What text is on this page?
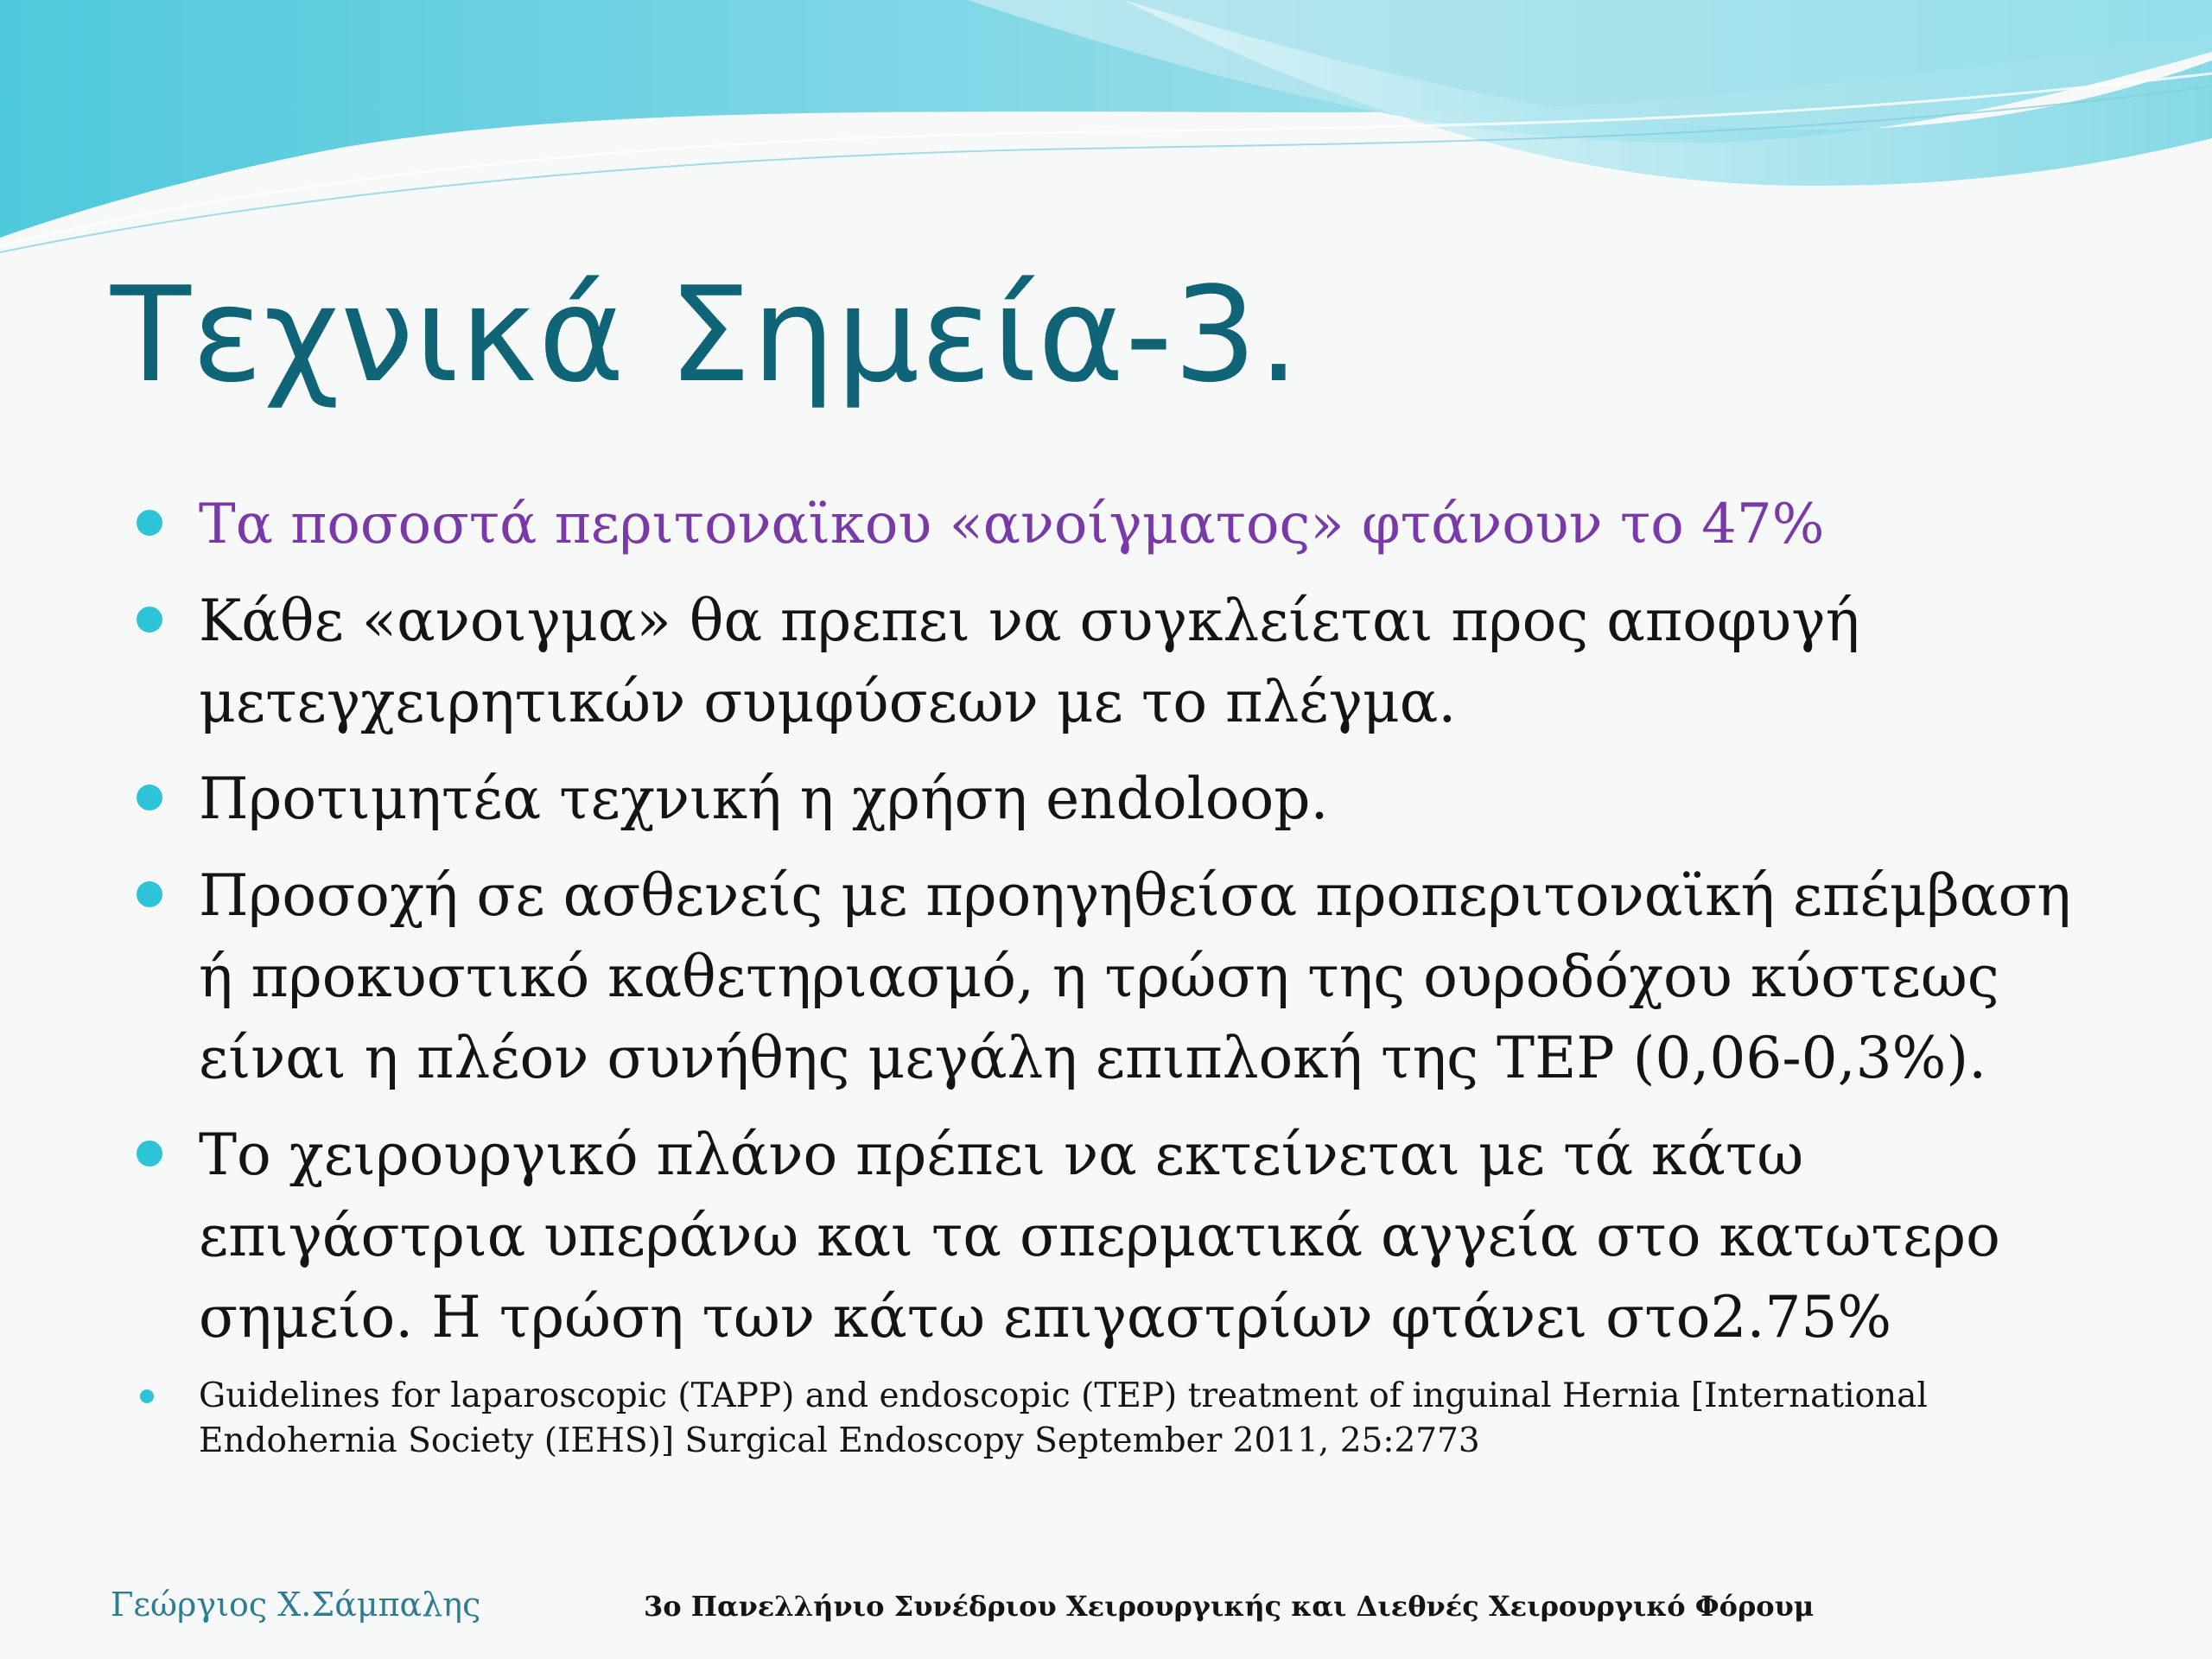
Τεχνικά Σημεία-3.
Τα ποσοστά περιτοναϊκου «ανοίγματος» φτάνουν το 47%
Κάθε «ανοιγμα» θα πρεπει να συγκλείεται προς αποφυγή μετεγχειρητικών συμφύσεων με το πλέγμα.
Προτιμητέα τεχνική η χρήση endoloop.
Προσοχή σε ασθενείς με προηγηθείσα προπεριτοναϊκή επέμβαση ή προκυστικό καθετηριασμό, η τρώση της ουροδόχου κύστεως είναι η πλέον συνήθης μεγάλη επιπλοκή της TEP (0,06-0,3%).
Το χειρουργικό πλάνο πρέπει να εκτείνεται με τά κάτω επιγάστρια υπεράνω και τα σπερματικά αγγεία στο κατωτερο σημείο. Η τρώση των κάτω επιγαστρίων φτάνει στο2.75%
Guidelines for laparoscopic (TAPP) and endoscopic (TEP) treatment of inguinal Hernia [International Endohernia Society (IEHS)] Surgical Endoscopy September 2011, 25:2773
Γεώργιος Χ.Σάμπαλης	3ο Πανελλήνιο Συνέδριου Χειρουργικής και Διεθνές Χειρουργικό Φόρουμ
